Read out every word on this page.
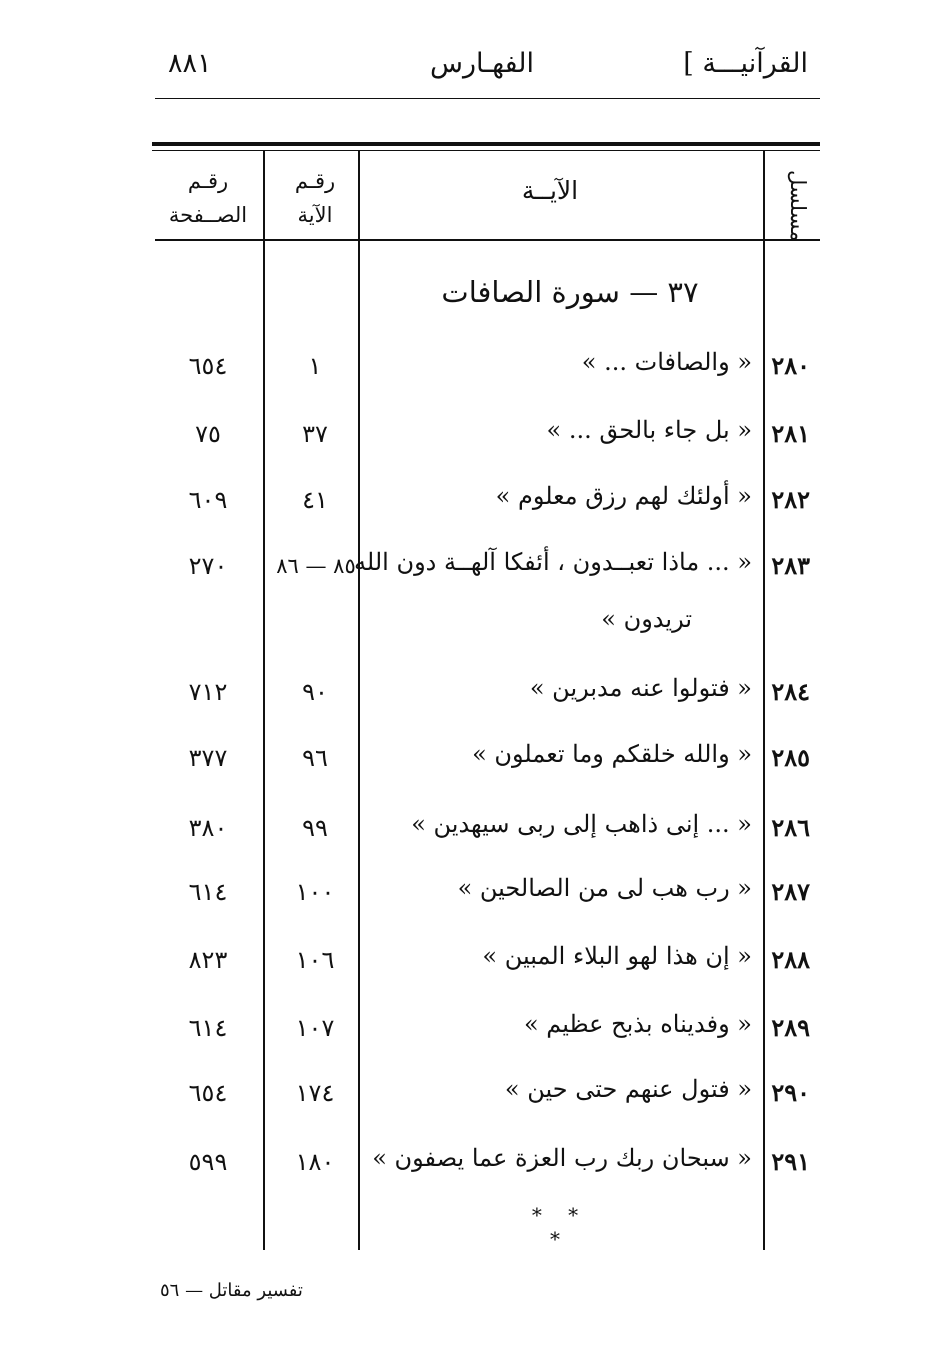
القرآنيـــة ]
الفهـارس
٨٨١
مسلسل
الآيــة
رقـم الآية
رقـم الصــفحة
٣٧ — سورة الصافات
٢٨٠
« والصافات ... »
١
٦٥٤
٢٨١
« بل جاء بالحق ... »
٣٧
٧٥
٢٨٢
« أولئك لهم رزق معلوم »
٤١
٦٠٩
٢٨٣
« ... ماذا تعبــدون ، أئفكا آلهــة دون الله
تريدون »
٨٥ — ٨٦
٢٧٠
٢٨٤
« فتولوا عنه مدبرين »
٩٠
٧١٢
٢٨٥
« والله خلقكم وما تعملون »
٩٦
٣٧٧
٢٨٦
« ... إنى ذاهب إلى ربى سيهدين »
٩٩
٣٨٠
٢٨٧
« رب هب لى من الصالحين »
١٠٠
٦١٤
٢٨٨
« إن هذا لهو البلاء المبين »
١٠٦
٨٢٣
٢٨٩
« وفديناه بذبح عظيم »
١٠٧
٦١٤
٢٩٠
« فتول عنهم حتى حين »
١٧٤
٦٥٤
٢٩١
« سبحان ربك رب العزة عما يصفون »
١٨٠
٥٩٩
* * *
تفسير مقاتل — ٥٦
